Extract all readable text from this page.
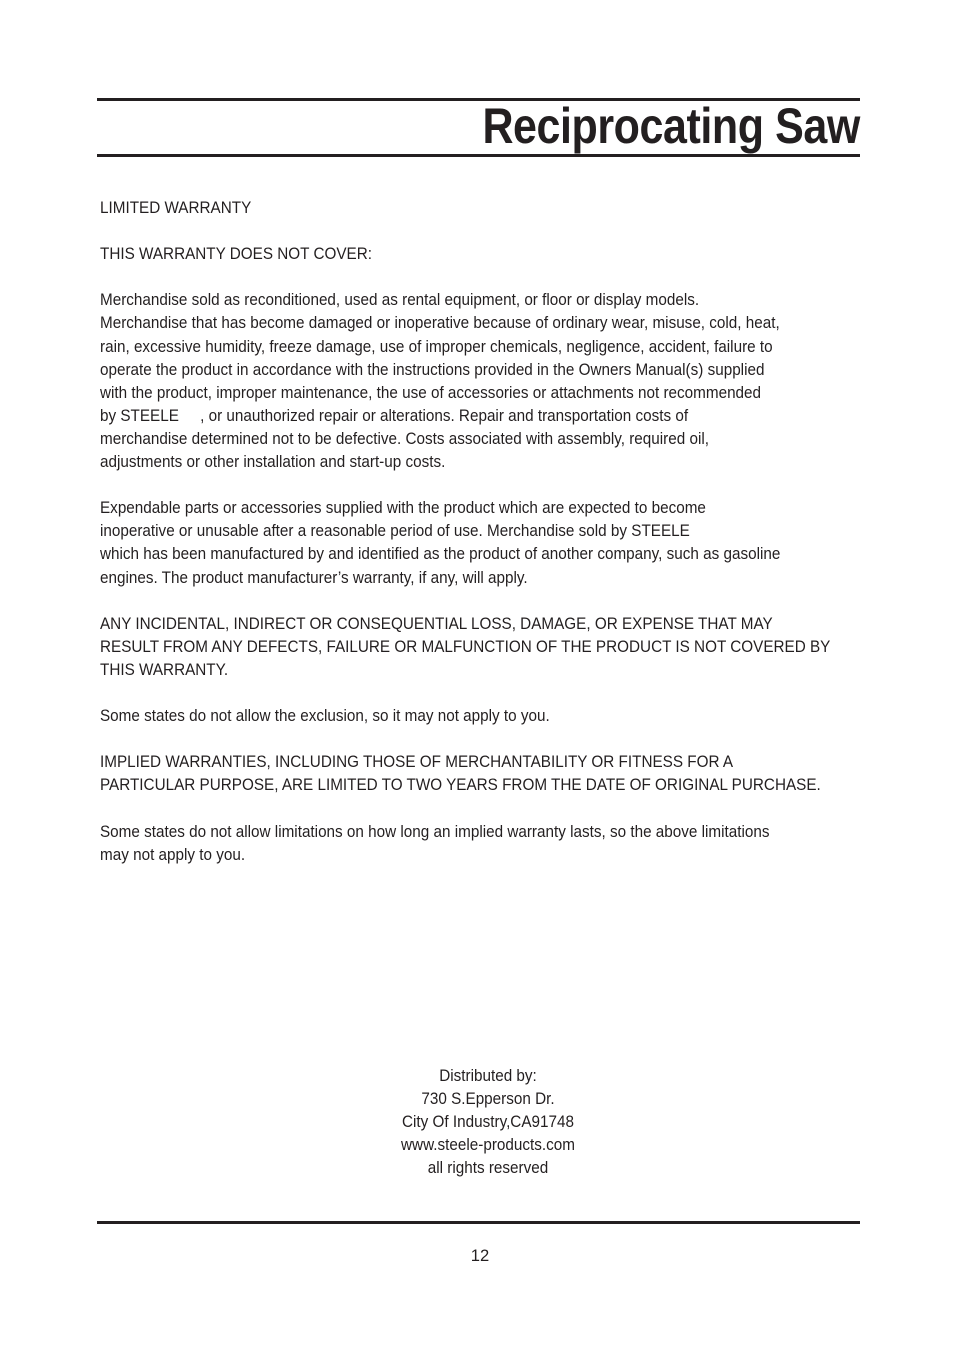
Reciprocating Saw

LIMITED WARRANTY

THIS WARRANTY DOES NOT COVER:

Merchandise sold as reconditioned, used as rental equipment, or floor or display models.
Merchandise that has become damaged or inoperative because of ordinary wear, misuse, cold, heat,
rain, excessive humidity, freeze damage, use of improper chemicals, negligence, accident, failure to
operate the product in accordance with the instructions provided in the Owners Manual(s) supplied
with the product, improper maintenance, the use of accessories or attachments not recommended
by STEELE     , or unauthorized repair or alterations. Repair and transportation costs of
merchandise determined not to be defective. Costs associated with assembly, required oil,
adjustments or other installation and start-up costs.

Expendable parts or accessories supplied with the product which are expected to become
inoperative or unusable after a reasonable period of use. Merchandise sold by STEELE
which has been manufactured by and identified as the product of another company, such as gasoline
engines. The product manufacturer’s warranty, if any, will apply.

ANY INCIDENTAL, INDIRECT OR CONSEQUENTIAL LOSS, DAMAGE, OR EXPENSE THAT MAY
RESULT FROM ANY DEFECTS, FAILURE OR MALFUNCTION OF THE PRODUCT IS NOT COVERED BY
THIS WARRANTY.

Some states do not allow the exclusion, so it may not apply to you.

IMPLIED WARRANTIES, INCLUDING THOSE OF MERCHANTABILITY OR FITNESS FOR A
PARTICULAR PURPOSE, ARE LIMITED TO TWO YEARS FROM THE DATE OF ORIGINAL PURCHASE.

Some states do not allow limitations on how long an implied warranty lasts, so the above limitations
may not apply to you.

Distributed by:
730 S.Epperson Dr.
City Of Industry,CA91748
www.steele-products.com
all rights reserved
12
